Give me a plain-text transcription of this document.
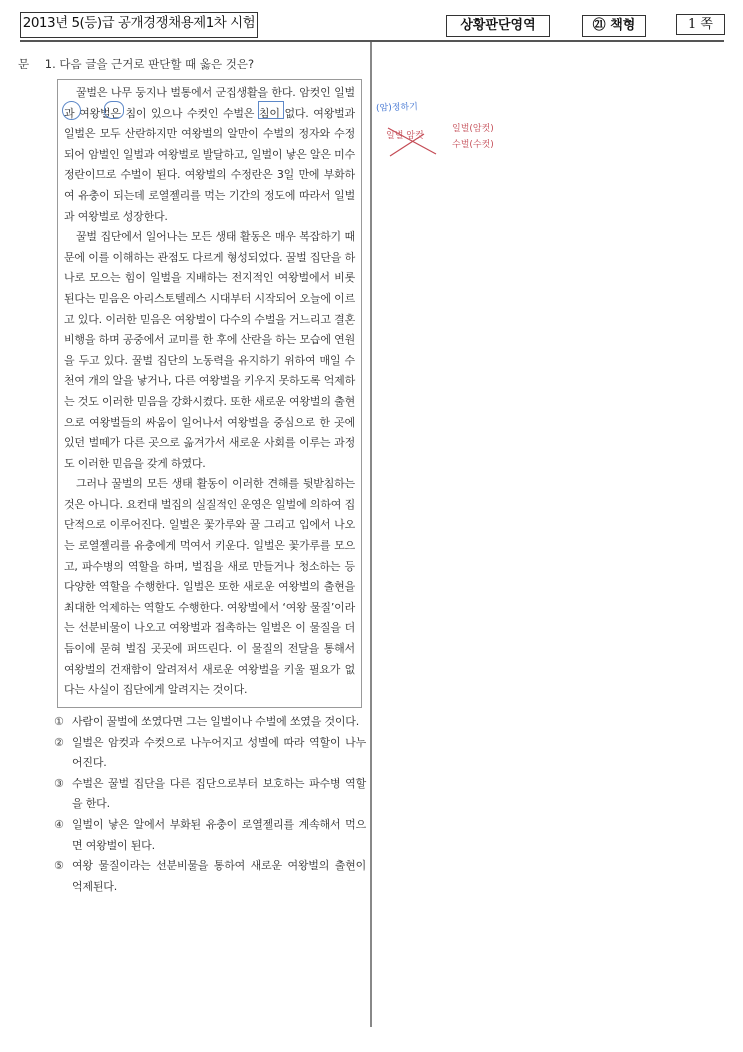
2013년 5(등)급 공개경쟁채용제1차 시험	상황판단영역	㉑ 책형	1 쪽
문 1. 다음 글을 근거로 판단할 때 옳은 것은?

꿀벌은 나무 둥지나 벌통에서 군집생활을 한다. 암컷인 일벌과 여왕벌은 침이 있으나 수컷인 수벌은 침이 없다. 여왕벌과 일벌은 모두 산란하지만 여왕벌의 알만이 수벌의 정자와 수정되어 암벌인 일벌과 여왕벌로 발달하고, 일벌이 낳은 알은 미수정란이므로 수벌이 된다. 여왕벌의 수정란은 3일 만에 부화하여 유충이 되는데 로열젤리를 먹는 기간의 정도에 따라서 일벌과 여왕벌로 성장한다.

꿀벌 집단에서 일어나는 모든 생태 활동은 매우 복잡하기 때문에 이를 이해하는 관점도 다르게 형성되었다. 꿀벌 집단을 하나로 모으는 힘이 일벌을 지배하는 전지적인 여왕벌에서 비롯된다는 믿음은 아리스토텔레스 시대부터 시작되어 오늘에 이르고 있다. 이러한 믿음은 여왕벌이 다수의 수벌을 거느리고 결혼비행을 하며 공중에서 교미를 한 후에 산란을 하는 모습에 연원을 두고 있다. 꿀벌 집단의 노동력을 유지하기 위하여 매일 수천여 개의 알을 낳거나, 다른 여왕벌을 키우지 못하도록 억제하는 것도 이러한 믿음을 강화시켰다. 또한 새로운 여왕벌의 출현으로 여왕벌들의 싸움이 일어나서 여왕벌을 중심으로 한 곳에 있던 벌떼가 다른 곳으로 옮겨가서 새로운 사회를 이루는 과정도 이러한 믿음을 갖게 하였다.

그러나 꿀벌의 모든 생태 활동이 이러한 견해를 뒷받침하는 것은 아니다. 요컨대 벌집의 실질적인 운영은 일벌에 의하여 집단적으로 이루어진다. 일벌은 꽃가루와 꿀 그리고 입에서 나오는 로열젤리를 유충에게 먹여서 키운다. 일벌은 꽃가루를 모으고, 파수병의 역할을 하며, 벌집을 새로 만들거나 청소하는 등 다양한 역할을 수행한다. 일벌은 또한 새로운 여왕벌의 출현을 최대한 억제하는 역할도 수행한다. 여왕벌에서 ‘여왕 물질’이라는 선분비물이 나오고 여왕벌과 접촉하는 일벌은 이 물질을 더듬이에 묻혀 벌집 곳곳에 퍼뜨린다. 이 물질의 전달을 통해서 여왕벌의 건재함이 알려져서 새로운 여왕벌을 키울 필요가 없다는 사실이 집단에게 알려지는 것이다.

① 사람이 꿀벌에 쏘였다면 그는 일벌이나 수벌에 쏘였을 것이다.
② 일벌은 암컷과 수컷으로 나누어지고 성별에 따라 역할이 나누어진다.
③ 수벌은 꿀벌 집단을 다른 집단으로부터 보호하는 파수병 역할을 한다.
④ 일벌이 낳은 알에서 부화된 유충이 로열젤리를 계속해서 먹으면 여왕벌이 된다.
⑤ 여왕 물질이라는 선분비물을 통하여 새로운 여왕벌의 출현이 억제된다.
(암)정하기
일벌 암컷
일벌(암컷)
수벌(수컷)
